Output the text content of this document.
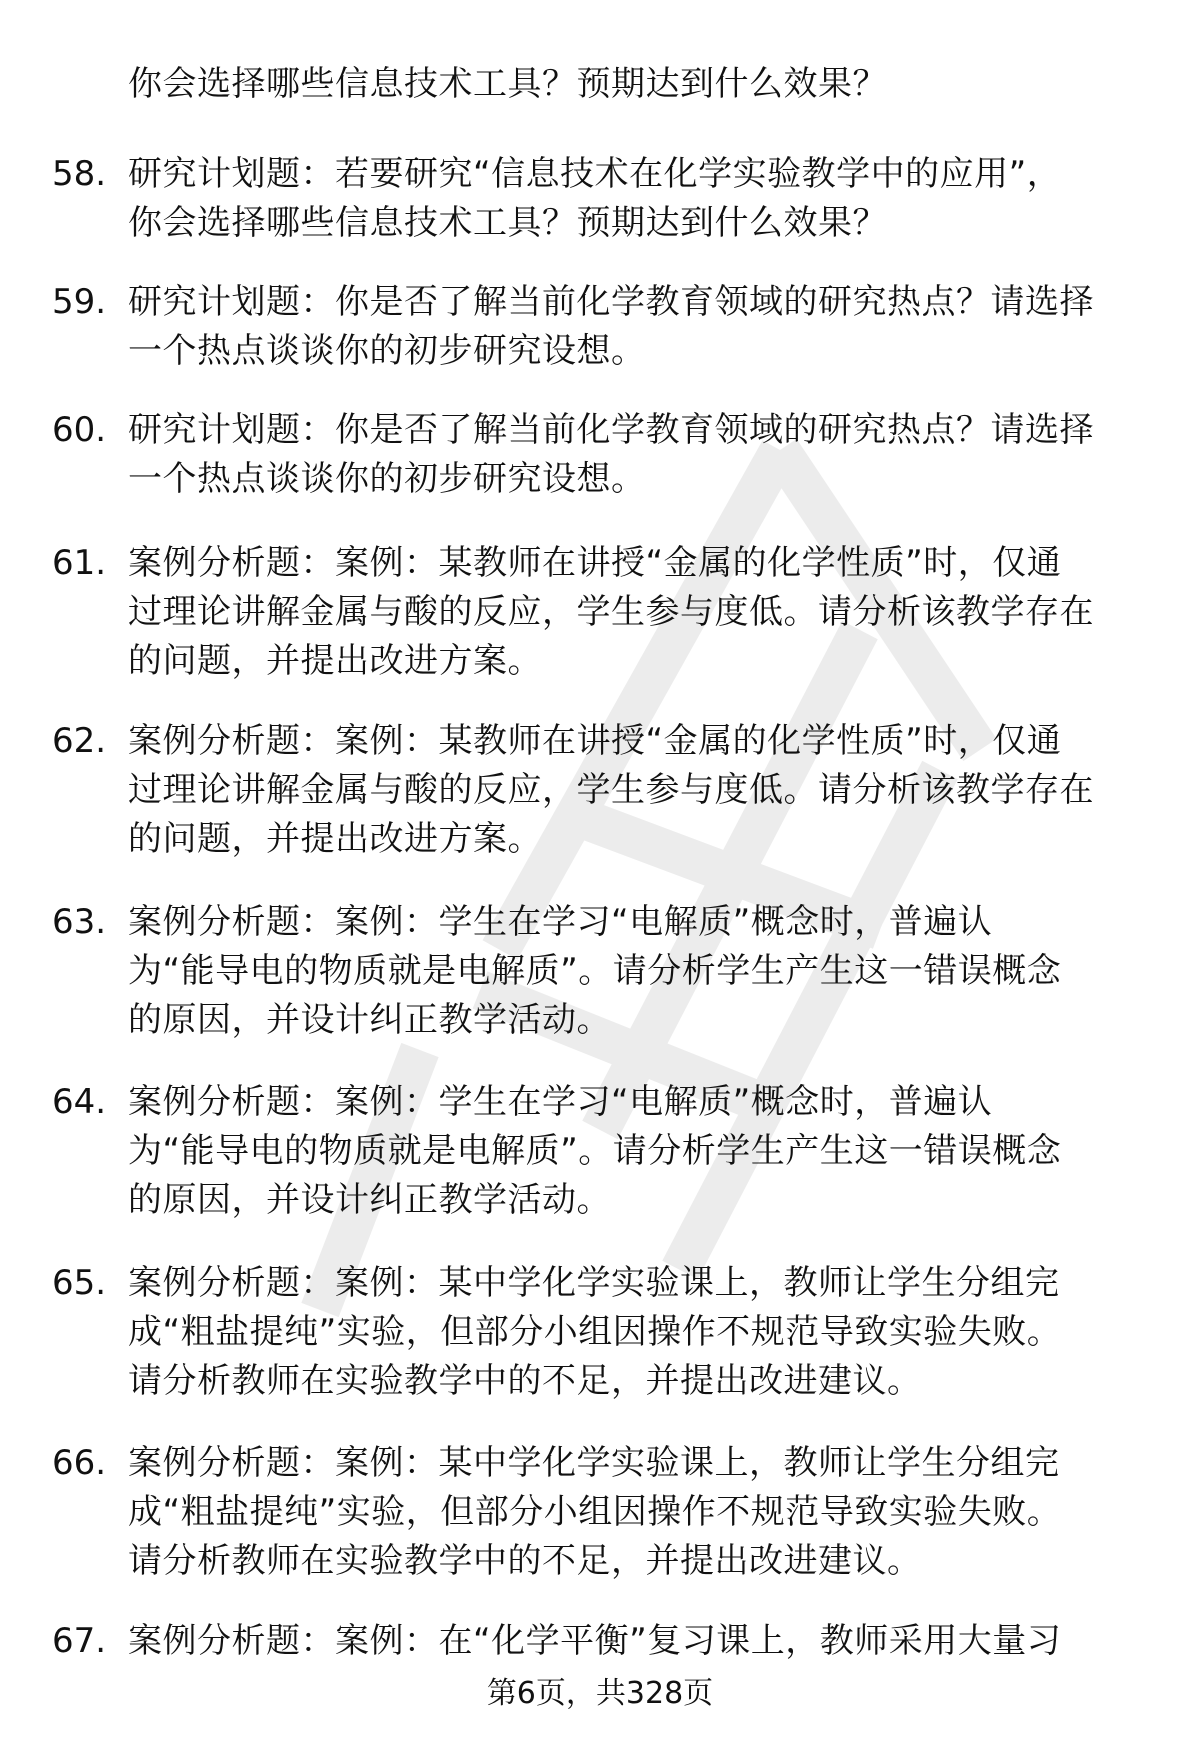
你会选择哪些信息技术工具？预期达到什么效果？
58. 研究计划题：若要研究“信息技术在化学实验教学中的应用”，
你会选择哪些信息技术工具？预期达到什么效果？
59. 研究计划题：你是否了解当前化学教育领域的研究热点？请选择
一个热点谈谈你的初步研究设想。
60. 研究计划题：你是否了解当前化学教育领域的研究热点？请选择
一个热点谈谈你的初步研究设想。
61. 案例分析题：案例：某教师在讲授“金属的化学性质”时，仅通
过理论讲解金属与酸的反应，学生参与度低。请分析该教学存在
的问题，并提出改进方案。
62. 案例分析题：案例：某教师在讲授“金属的化学性质”时，仅通
过理论讲解金属与酸的反应，学生参与度低。请分析该教学存在
的问题，并提出改进方案。
63. 案例分析题：案例：学生在学习“电解质”概念时，普遍认
为“能导电的物质就是电解质”。请分析学生产生这一错误概念
的原因，并设计纠正教学活动。
64. 案例分析题：案例：学生在学习“电解质”概念时，普遍认
为“能导电的物质就是电解质”。请分析学生产生这一错误概念
的原因，并设计纠正教学活动。
65. 案例分析题：案例：某中学化学实验课上，教师让学生分组完
成“粗盐提纯”实验，但部分小组因操作不规范导致实验失败。
请分析教师在实验教学中的不足，并提出改进建议。
66. 案例分析题：案例：某中学化学实验课上，教师让学生分组完
成“粗盐提纯”实验，但部分小组因操作不规范导致实验失败。
请分析教师在实验教学中的不足，并提出改进建议。
67. 案例分析题：案例：在“化学平衡”复习课上，教师采用大量习
第6页，共328页
